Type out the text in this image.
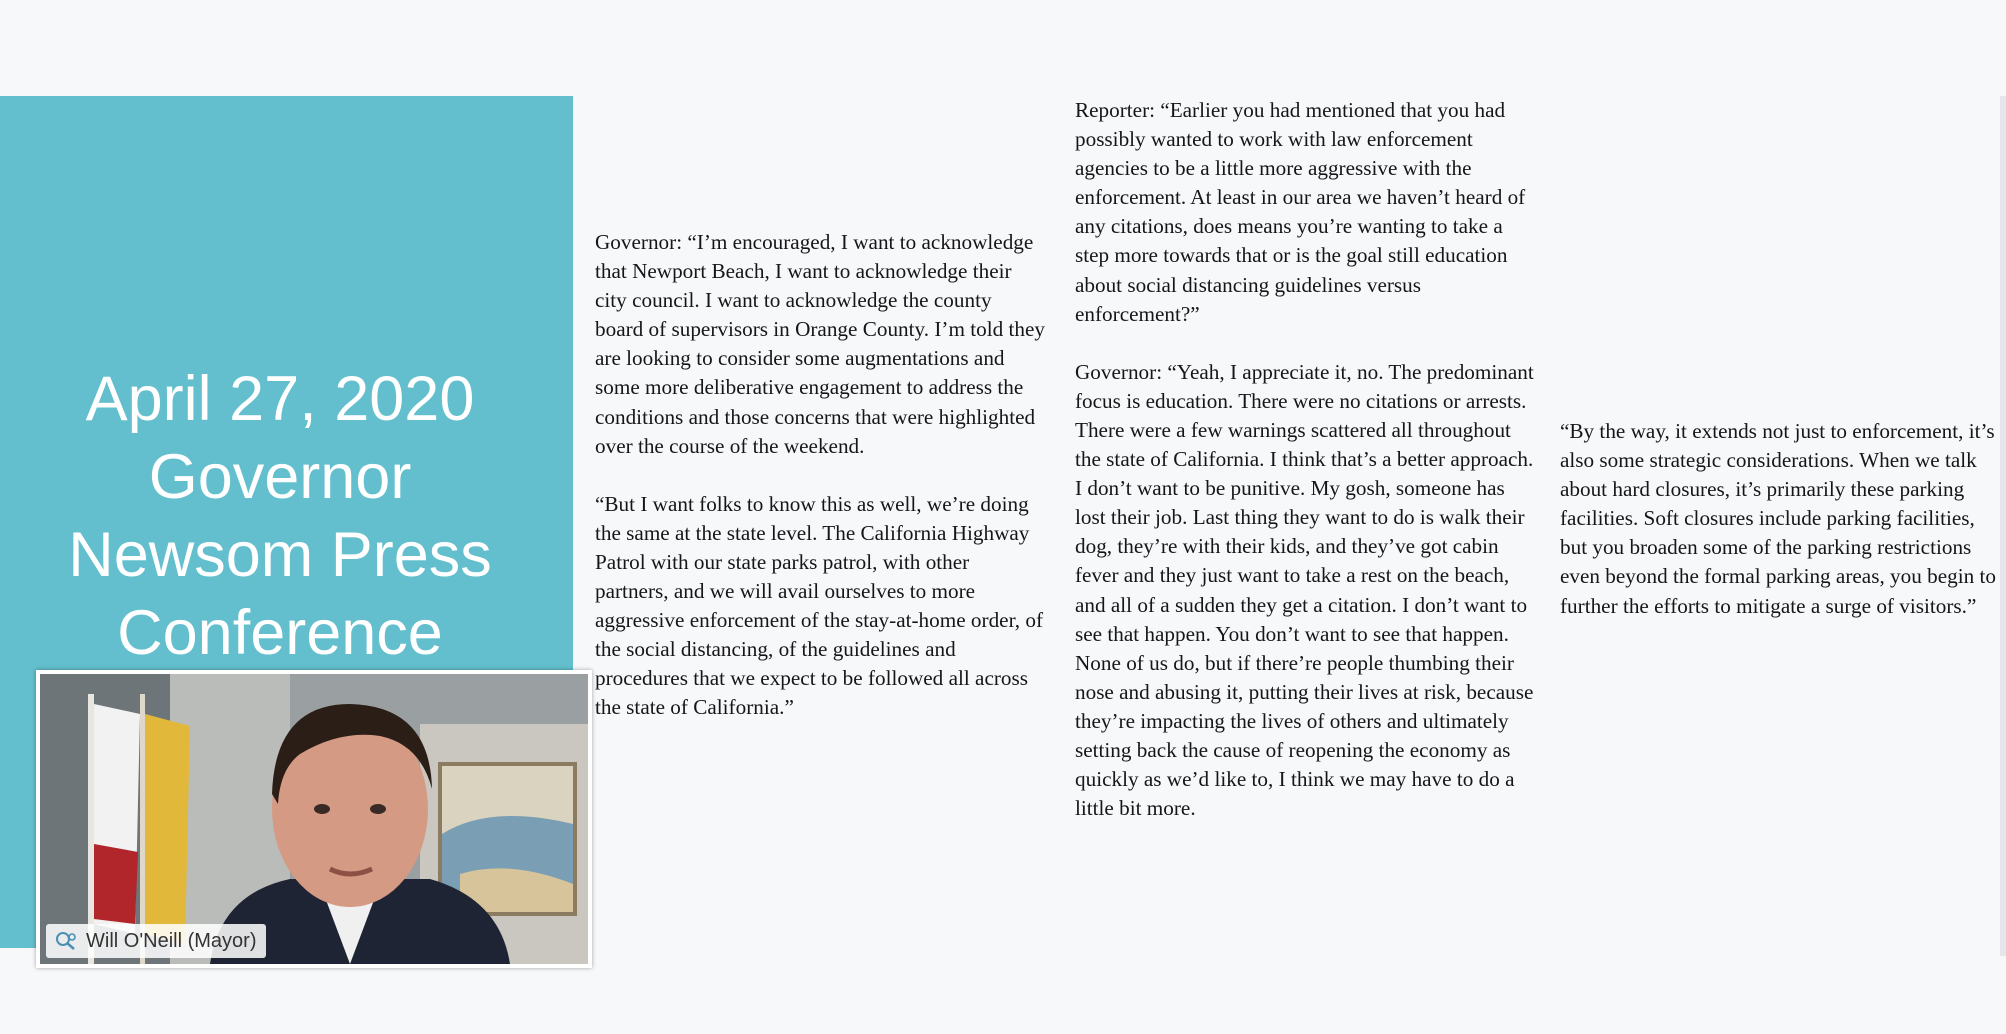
April 27, 2020
Governor
Newsom Press
Conference

Governor: “I’m encouraged, I want to acknowledge that Newport Beach, I want to acknowledge their city council. I want to acknowledge the county board of supervisors in Orange County. I’m told they are looking to consider some augmentations and some more deliberative engagement to address the conditions and those concerns that were highlighted over the course of the weekend.

“But I want folks to know this as well, we’re doing the same at the state level. The California Highway Patrol with our state parks patrol, with other partners, and we will avail ourselves to more aggressive enforcement of the stay-at-home order, of the social distancing, of the guidelines and procedures that we expect to be followed all across the state of California.”

Reporter: “Earlier you had mentioned that you had possibly wanted to work with law enforcement agencies to be a little more aggressive with the enforcement. At least in our area we haven’t heard of any citations, does means you’re wanting to take a step more towards that or is the goal still education about social distancing guidelines versus enforcement?”

Governor: “Yeah, I appreciate it, no. The predominant focus is education. There were no citations or arrests. There were a few warnings scattered all throughout the state of California. I think that’s a better approach. I don’t want to be punitive. My gosh, someone has lost their job. Last thing they want to do is walk their dog, they’re with their kids, and they’ve got cabin fever and they just want to take a rest on the beach, and all of a sudden they get a citation. I don’t want to see that happen. You don’t want to see that happen. None of us do, but if there’re people thumbing their nose and abusing it, putting their lives at risk, because they’re impacting the lives of others and ultimately setting back the cause of reopening the economy as quickly as we’d like to, I think we may have to do a little bit more.

“By the way, it extends not just to enforcement, it’s also some strategic considerations. When we talk about hard closures, it’s primarily these parking facilities. Soft closures include parking facilities, but you broaden some of the parking restrictions even beyond the formal parking areas, you begin to further the efforts to mitigate a surge of visitors.”

Will O'Neill (Mayor)
